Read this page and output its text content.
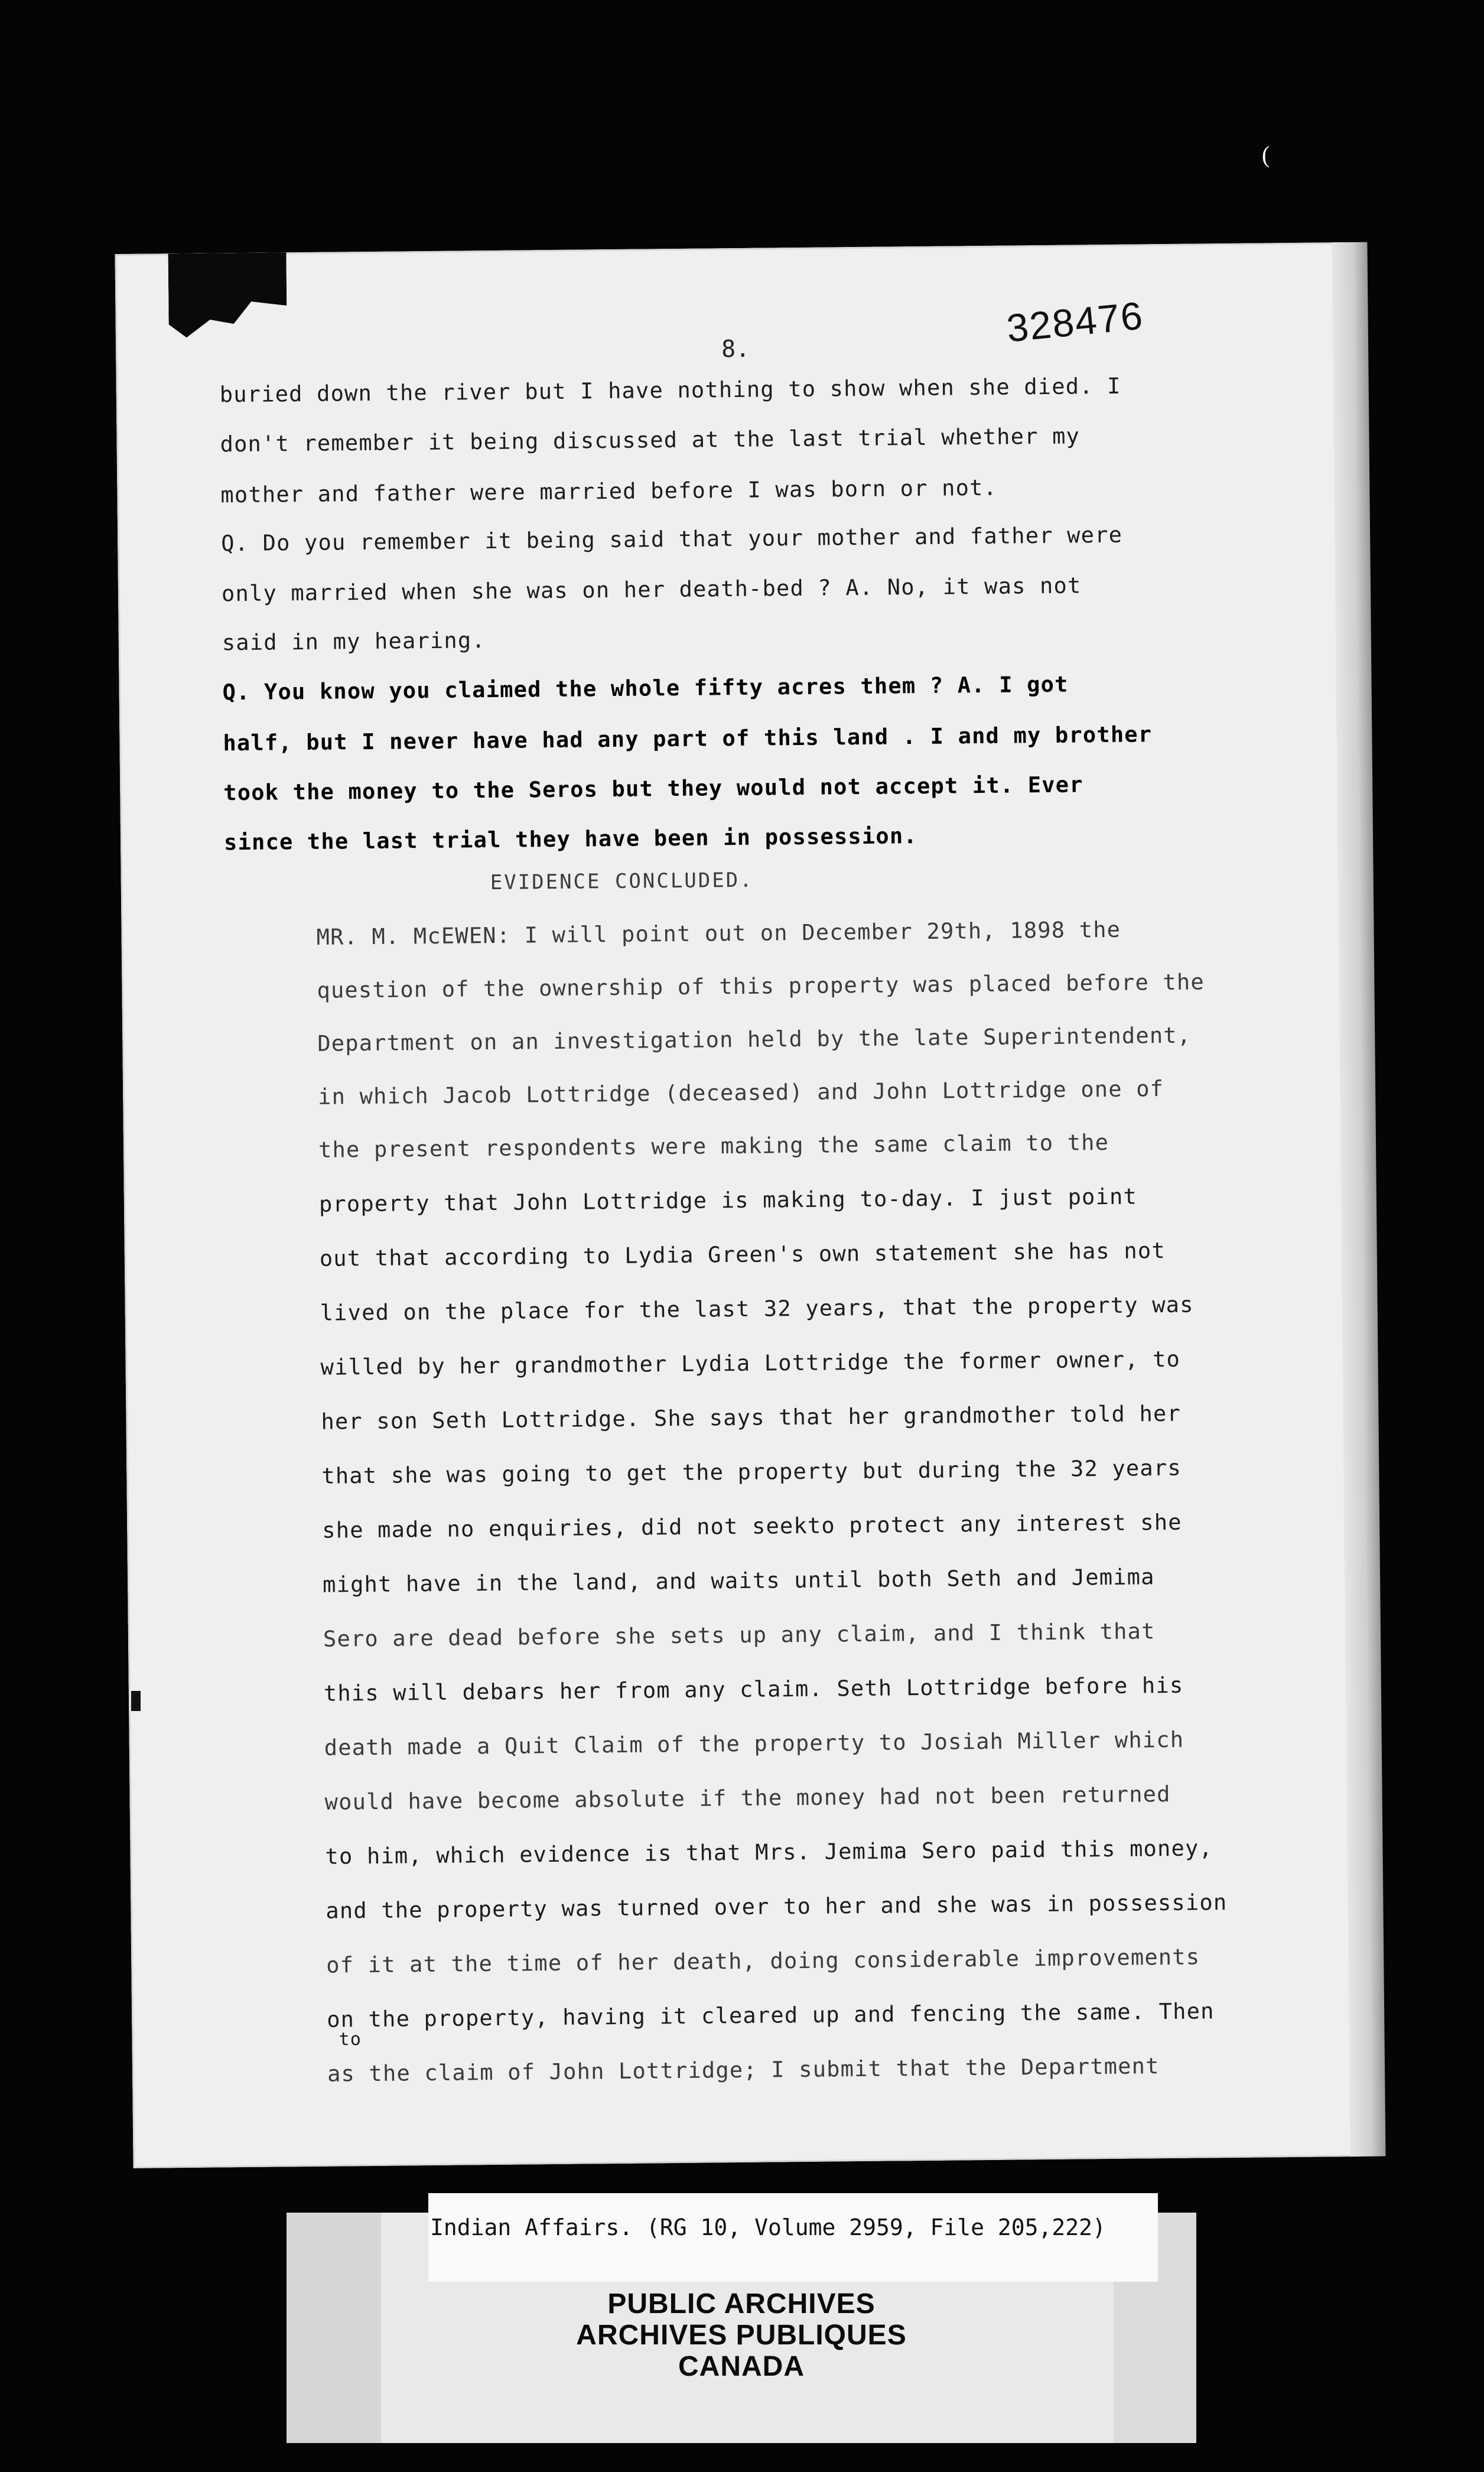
(
8.	328476
buried down the river but I have nothing to show when she died. I
don't remember it being discussed at the last trial whether my
mother and father were married before I was born or not.
Q. Do you remember it being said that your mother and father were
only married when she was on her death-bed ? A. No, it was not
said in my hearing.
Q. You know you claimed the whole fifty acres them ? A. I got
half, but I never have had any part of this land . I and my brother
took the money to the Seros but they would not accept it. Ever
since the last trial they have been in possession.
EVIDENCE CONCLUDED.
MR. M. McEWEN: I will point out on December 29th, 1898 the
question of the ownership of this property was placed before the
Department on an investigation held by the late Superintendent,
in which Jacob Lottridge (deceased) and John Lottridge one of
the present respondents were making the same claim to the
property that John Lottridge is making to-day. I just point
out that according to Lydia Green's own statement she has not
lived on the place for the last 32 years, that the property was
willed by her grandmother Lydia Lottridge the former owner, to
her son Seth Lottridge. She says that her grandmother told her
that she was going to get the property but during the 32 years
she made no enquiries, did not seekto protect any interest she
might have in the land, and waits until both Seth and Jemima
Sero are dead before she sets up any claim, and I think that
this will debars her from any claim. Seth Lottridge before his
death made a Quit Claim of the property to Josiah Miller which
would have become absolute if the money had not been returned
to him, which evidence is that Mrs. Jemima Sero paid this money,
and the property was turned over to her and she was in possession
of it at the time of her death, doing considerable improvements
on the property, having it cleared up and fencing the same. Then
to
as the claim of John Lottridge; I submit that the Department
Indian Affairs. (RG 10, Volume 2959, File 205,222)
PUBLIC ARCHIVES
ARCHIVES PUBLIQUES
CANADA
